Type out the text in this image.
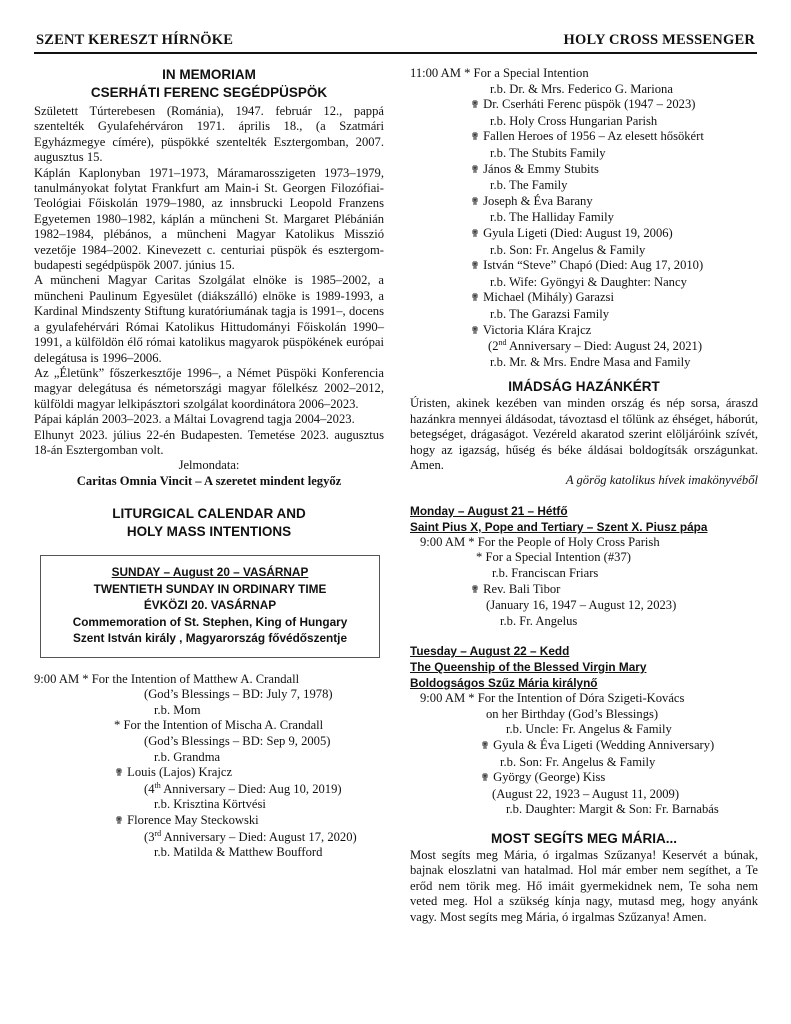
SZENT KERESZT HÍRNÖKE	HOLY CROSS MESSENGER
IN MEMORIAM
CSERHÁTI FERENC SEGÉDPÜSPÖK

Született Túrterebesen (Románia), 1947. február 12., pappá szentelték Gyulafehérváron 1971. április 18., (a Szatmári Egyházmegye címére), püspökké szentelték Esztergomban, 2007. augusztus 15.

Káplán Kaplonyban 1971–1973, Máramarosszigeten 1973–1979, tanulmányokat folytat Frankfurt am Main-i St. Georgen Filozófiai-Teológiai Főiskolán 1979–1980, az innsbrucki Leopold Franzens Egyetemen 1980–1982, káplán a müncheni St. Margaret Plébánián 1982–1984, plébános, a müncheni Magyar Katolikus Misszió vezetője 1984–2002. Kinevezett c. centuriai püspök és esztergom-budapesti segédpüspök 2007. június 15.

A müncheni Magyar Caritas Szolgálat elnöke is 1985–2002, a müncheni Paulinum Egyesület (diákszálló) elnöke is 1989-1993, a Kardinal Mindszenty Stiftung kuratóriumának tagja is 1991–, docens a gyulafehérvári Római Katolikus Hittudományi Főiskolán 1990–1991, a külföldön élő római katolikus magyarok püspökének európai delegátusa is 1996–2006.

Az „Életünk” főszerkesztője 1996–, a Német Püspöki Konferencia magyar delegátusa és németországi magyar főlelkész 2002–2012, külföldi magyar lelkipásztori szolgálat koordinátora 2006–2023.

Pápai káplán 2003–2023. a Máltai Lovagrend tagja 2004–2023.

Elhunyt 2023. július 22-én Budapesten. Temetése 2023. augusztus 18-án Esztergomban volt.

Jelmondata:

Caritas Omnia Vincit – A szeretet mindent legyőz

LITURGICAL CALENDAR AND
HOLY MASS INTENTIONS
SUNDAY – August 20 – VASÁRNAP
TWENTIETH SUNDAY IN ORDINARY TIME
ÉVKÖZI 20. VASÁRNAP
Commemoration of St. Stephen, King of Hungary
Szent István király , Magyarország fővédőszentje
9:00 AM * For the Intention of Matthew A. Crandall
(God’s Blessings – BD: July 7, 1978)
r.b. Mom
* For the Intention of Mischa A. Crandall
(God’s Blessings – BD: Sep 9, 2005)
r.b. Grandma
✟ Louis (Lajos) Krajcz
(4th Anniversary – Died: Aug 10, 2019)
r.b. Krisztina Körtvési
✟ Florence May Steckowski
(3rd Anniversary – Died: August 17, 2020)
r.b. Matilda & Matthew Boufford
11:00 AM * For a Special Intention
r.b. Dr. & Mrs. Federico G. Mariona
✟ Dr. Cserháti Ferenc püspök (1947 – 2023)
r.b. Holy Cross Hungarian Parish
✟ Fallen Heroes of 1956 – Az elesett hősökért
r.b. The Stubits Family
✟ János & Emmy Stubits
r.b. The Family
✟ Joseph & Éva Barany
r.b. The Halliday Family
✟ Gyula Ligeti (Died: August 19, 2006)
r.b. Son: Fr. Angelus & Family
✟ István “Steve” Chapó (Died: Aug 17, 2010)
r.b. Wife: Gyöngyi & Daughter: Nancy
✟ Michael (Mihály) Garazsi
r.b. The Garazsi Family
✟ Victoria Klára Krajcz
(2nd Anniversary – Died: August 24, 2021)
r.b. Mr. & Mrs. Endre Masa and Family
IMÁDSÁG HAZÁNKÉRT

Úristen, akinek kezében van minden ország és nép sorsa, áraszd hazánkra mennyei áldásodat, távoztasd el tőlünk az éhséget, háborút, betegséget, drágaságot. Vezéreld akaratod szerint elöljáróink szívét, hogy az igazság, hűség és béke áldásai boldogítsák országunkat. Amen.

A görög katolikus hívek imakönyvéből

Monday – August 21 – Hétfő
Saint Pius X, Pope and Tertiary – Szent X. Piusz pápa
9:00 AM * For the People of Holy Cross Parish
* For a Special Intention (#37)
r.b. Franciscan Friars
✟ Rev. Bali Tibor
(January 16, 1947 – August 12, 2023)
r.b. Fr. Angelus
Tuesday – August 22 – Kedd
The Queenship of the Blessed Virgin Mary
Boldogságos Szűz Mária királynő
9:00 AM * For the Intention of Dóra Szigeti-Kovács
on her Birthday (God’s Blessings)
r.b. Uncle: Fr. Angelus & Family
✟ Gyula & Éva Ligeti (Wedding Anniversary)
r.b. Son: Fr. Angelus & Family
✟ György (George) Kiss
(August 22, 1923 – August 11, 2009)
r.b. Daughter: Margit & Son: Fr. Barnabás
MOST SEGÍTS MEG MÁRIA...

Most segíts meg Mária, ó irgalmas Szűzanya! Keservét a búnak, bajnak eloszlatni van hatalmad. Hol már ember nem segíthet, a Te erőd nem törik meg. Hő imáit gyermekidnek nem, Te soha nem veted meg. Hol a szükség kínja nagy, mutasd meg, hogy anyánk vagy. Most segíts meg Mária, ó irgalmas Szűzanya! Amen.
